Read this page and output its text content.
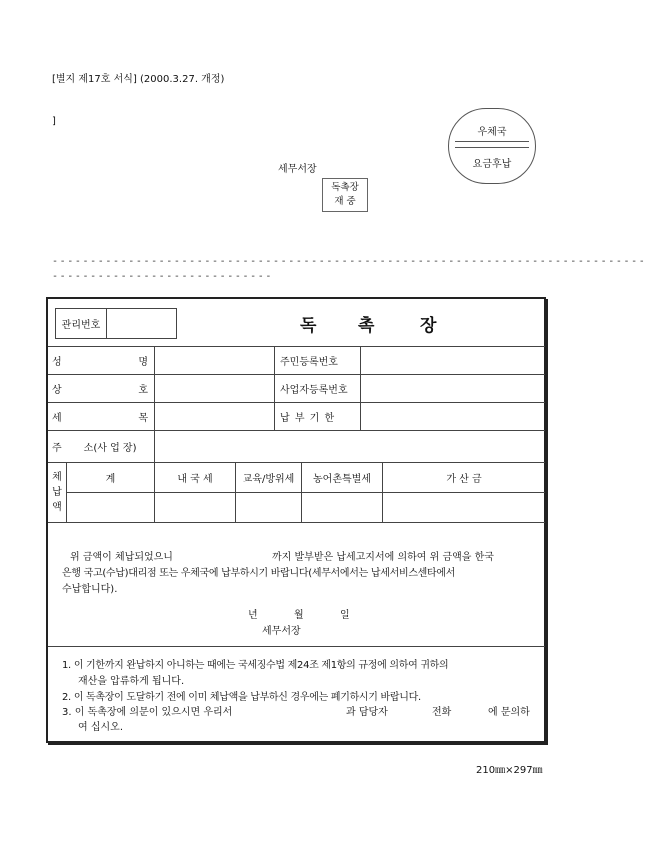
[별지 제17호 서식] (2000.3.27. 개정)
]
우체국
요금후납
세무서장
독촉장
재 중
------------------------------------------------------------------------------
-----------------------------
관리번호	독 촉	장
성	명	주민등록번호
상	호	사업자등록번호
세	목	납 부 기 한
주 소(사 업 장)
체
납
액
계	내 국 세	교육/방위세	농어촌특별세	가 산 금
위 금액이 체납되었으니	까지 발부받은 납세고지서에 의하여 위 금액을 한국
은행 국고(수납)대리점 또는 우체국에 납부하시기 바랍니다(세무서에서는 납세서비스센타에서
수납합니다).
년	월	일
세무서장
1. 이 기한까지 완납하지 아니하는 때에는 국세징수법 제24조 제1항의 규정에 의하여 귀하의
재산을 압류하게 됩니다.
2. 이 독촉장이 도달하기 전에 이미 체납액을 납부하신 경우에는 폐기하시기 바랍니다.
3. 이 독촉장에 의문이 있으시면 우리서	과 담당자	전화	에 문의하
여 십시오.
210㎜×297㎜
